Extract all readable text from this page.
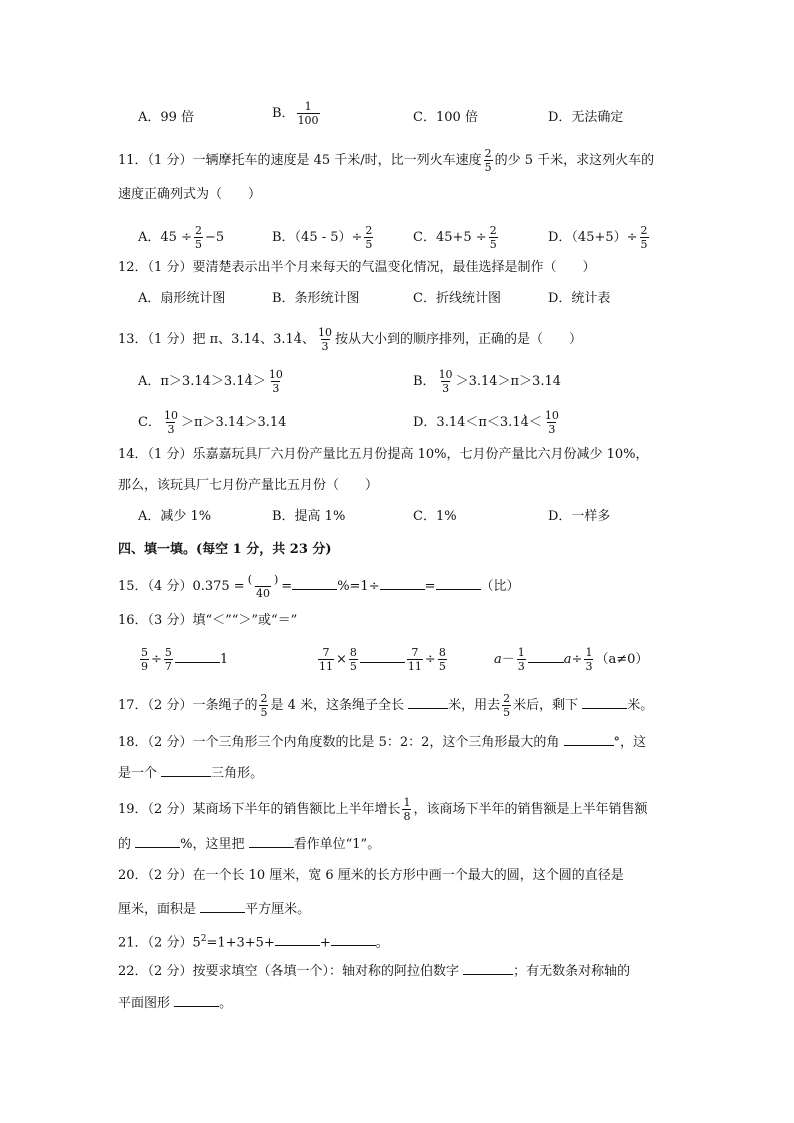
A．99 倍	B． $\frac{1}{100}$	C．100 倍	D．无法确定
11．（1 分）一辆摩托车的速度是 45 千米/时，比一列火车速度 $\frac{2}{5}$ 的少 5 千米，求这列火车的
速度正确列式为（　　）
A．$45 \div \frac{2}{5} -5$	B．$(45 - 5)\div \frac{2}{5}$	C．$45+5 \div \frac{2}{5}$	D．$(45+5)\div \frac{2}{5}$
12．（1 分）要清楚表示出半个月来每天的气温变化情况，最佳选择是制作（　　）
A．扇形统计图	B．条形统计图	C．折线统计图	D．统计表
13．（1 分）把 π、3.14、3.1· 4、 $\frac{10}{3}$ 按从大小到的顺序排列，正确的是（　　）
A．$\pi>3.14>3.1\cdot 4> \frac{10}{3}$	B． $\frac{10}{3} >3.14>\pi>3.14$
C． $\frac{10}{3} >\pi>3.14>3.14$	D．$3.14<\pi<3.1\cdot 4< \frac{10}{3}$
14．（1 分）乐嘉嘉玩具厂六月份产量比五月份提高 10%，七月份产量比六月份减少 10%，
那么，该玩具厂七月份产量比五月份（　　）
A．减少 1%	B．提高 1%	C．1%	D．一样多
四、填一填。(每空 1 分，共 23 分)
15．（4 分）$0.375 = \frac{( )}{40}$ =	%=1÷	=	（比）
16．（3 分）填“＜”“＞”或“＝”
$\frac{5}{9} \div \frac{5}{7}$	1	$\frac{7}{11} \times \frac{8}{5}$	$\frac{7}{11} \div \frac{8}{5}$	$a- \frac{1}{3}$	$a\div \frac{1}{3} (a\ne 0)$
17．（2 分）一条绳子的 $\frac{2}{5}$ 是 4 米，这条绳子全长	米，用去 $\frac{2}{5}$ 米后，剩下	米。
18．（2 分）一个三角形三个内角度数的比是 5：2：2，这个三角形最大的角	°，这
是一个	三角形。
19．（2 分）某商场下半年的销售额比上半年增长 $\frac{1}{8}$ ，该商场下半年的销售额是上半年销售额
的	%，这里把	看作单位“1”。
20．（2 分）在一个长 10 厘米，宽 6 厘米的长方形中画一个最大的圆，这个圆的直径是
厘米，面积是	平方厘米。
21．（2 分）$5^2=1+3+5+$	+	。
22．（2 分）按要求填空（各填一个）：轴对称的阿拉伯数字	；有无数条对称轴的
平面图形	。
